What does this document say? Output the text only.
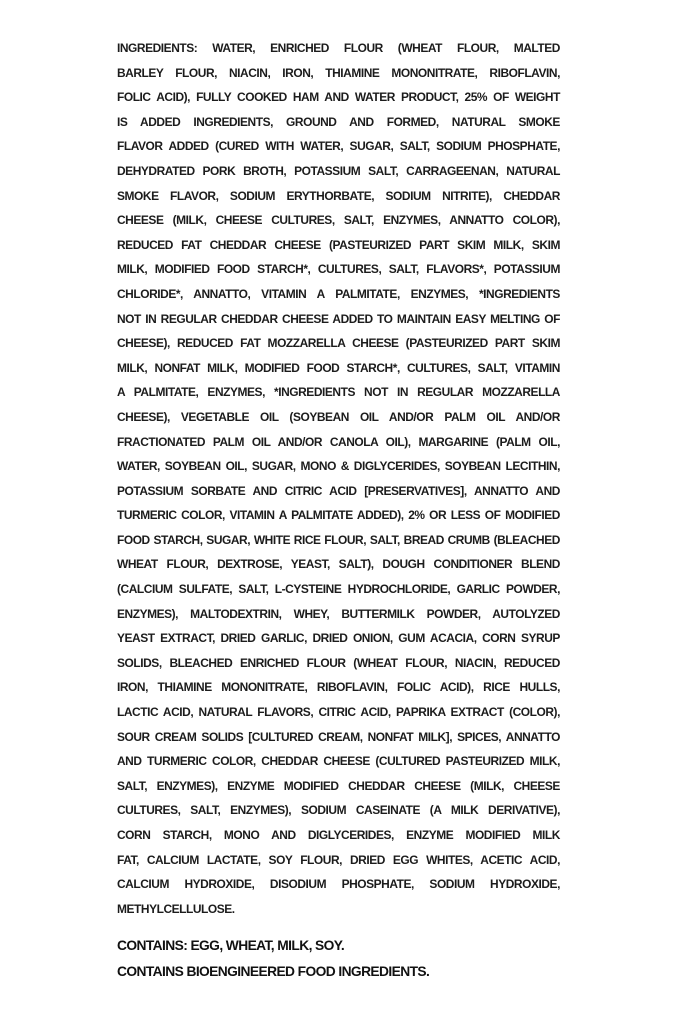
INGREDIENTS: WATER, ENRICHED FLOUR (WHEAT FLOUR, MALTED
BARLEY FLOUR, NIACIN, IRON, THIAMINE MONONITRATE, RIBOFLAVIN,
FOLIC ACID), FULLY COOKED HAM AND WATER PRODUCT, 25% OF WEIGHT
IS ADDED INGREDIENTS, GROUND AND FORMED, NATURAL SMOKE
FLAVOR ADDED (CURED WITH WATER, SUGAR, SALT, SODIUM PHOSPHATE,
DEHYDRATED PORK BROTH, POTASSIUM SALT, CARRAGEENAN, NATURAL
SMOKE FLAVOR, SODIUM ERYTHORBATE, SODIUM NITRITE), CHEDDAR
CHEESE (MILK, CHEESE CULTURES, SALT, ENZYMES, ANNATTO COLOR),
REDUCED FAT CHEDDAR CHEESE (PASTEURIZED PART SKIM MILK, SKIM
MILK, MODIFIED FOOD STARCH*, CULTURES, SALT, FLAVORS*, POTASSIUM
CHLORIDE*, ANNATTO, VITAMIN A PALMITATE, ENZYMES, *INGREDIENTS
NOT IN REGULAR CHEDDAR CHEESE ADDED TO MAINTAIN EASY MELTING OF
CHEESE), REDUCED FAT MOZZARELLA CHEESE (PASTEURIZED PART SKIM
MILK, NONFAT MILK, MODIFIED FOOD STARCH*, CULTURES, SALT, VITAMIN
A PALMITATE, ENZYMES, *INGREDIENTS NOT IN REGULAR MOZZARELLA
CHEESE), VEGETABLE OIL (SOYBEAN OIL AND/OR PALM OIL AND/OR
FRACTIONATED PALM OIL AND/OR CANOLA OIL), MARGARINE (PALM OIL,
WATER, SOYBEAN OIL, SUGAR, MONO & DIGLYCERIDES, SOYBEAN LECITHIN,
POTASSIUM SORBATE AND CITRIC ACID [PRESERVATIVES], ANNATTO AND
TURMERIC COLOR, VITAMIN A PALMITATE ADDED), 2% OR LESS OF MODIFIED
FOOD STARCH, SUGAR, WHITE RICE FLOUR, SALT, BREAD CRUMB (BLEACHED
WHEAT FLOUR, DEXTROSE, YEAST, SALT), DOUGH CONDITIONER BLEND
(CALCIUM SULFATE, SALT, L-CYSTEINE HYDROCHLORIDE, GARLIC POWDER,
ENZYMES), MALTODEXTRIN, WHEY, BUTTERMILK POWDER, AUTOLYZED
YEAST EXTRACT, DRIED GARLIC, DRIED ONION, GUM ACACIA, CORN SYRUP
SOLIDS, BLEACHED ENRICHED FLOUR (WHEAT FLOUR, NIACIN, REDUCED
IRON, THIAMINE MONONITRATE, RIBOFLAVIN, FOLIC ACID), RICE HULLS,
LACTIC ACID, NATURAL FLAVORS, CITRIC ACID, PAPRIKA EXTRACT (COLOR),
SOUR CREAM SOLIDS [CULTURED CREAM, NONFAT MILK], SPICES, ANNATTO
AND TURMERIC COLOR, CHEDDAR CHEESE (CULTURED PASTEURIZED MILK,
SALT, ENZYMES), ENZYME MODIFIED CHEDDAR CHEESE (MILK, CHEESE
CULTURES, SALT, ENZYMES), SODIUM CASEINATE (A MILK DERIVATIVE),
CORN STARCH, MONO AND DIGLYCERIDES, ENZYME MODIFIED MILK
FAT, CALCIUM LACTATE, SOY FLOUR, DRIED EGG WHITES, ACETIC ACID,
CALCIUM HYDROXIDE, DISODIUM PHOSPHATE, SODIUM HYDROXIDE,
METHYLCELLULOSE.
CONTAINS: EGG, WHEAT, MILK, SOY.
CONTAINS BIOENGINEERED FOOD INGREDIENTS.
